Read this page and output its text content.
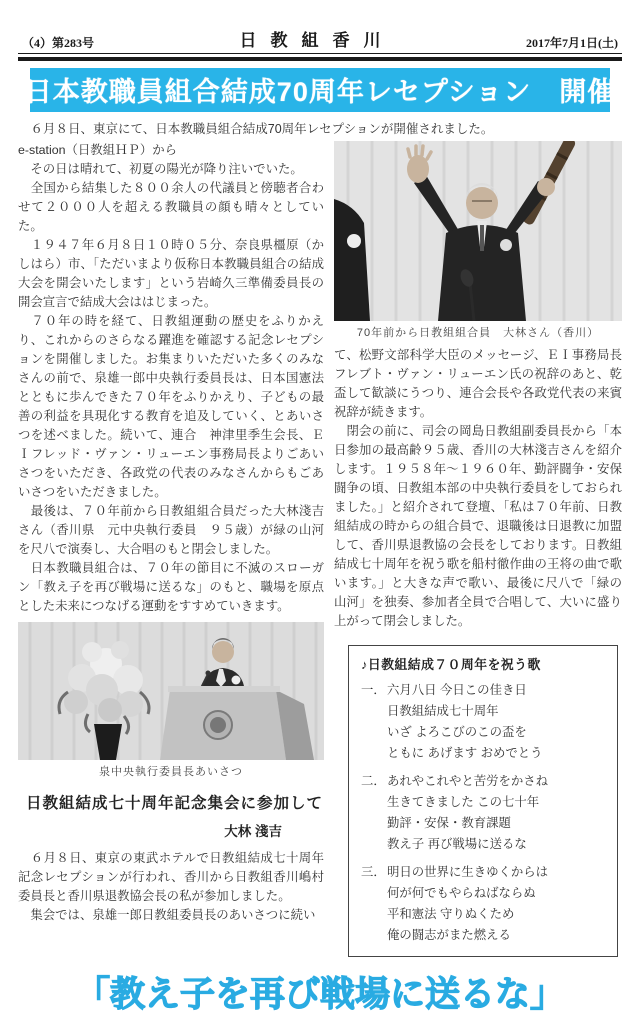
（4）第283号	日教組香川	2017年7月1日(土)
日本教職員組合結成70周年レセプション　開催
　６月８日、東京にて、日本教職員組合結成70周年レセプションが開催されました。
e-station（日教組ＨＰ）から

　その日は晴れて、初夏の陽光が降り注いでいた。

　全国から結集した８００余人の代議員と傍聴者合わせて２０００人を超える教職員の顔も晴々としていた。

　１９４７年６月８日１０時０５分、奈良県橿原（かしはら）市、「ただいまより仮称日本教職員組合の結成大会を開会いたします」という岩崎久三準備委員長の開会宣言で結成大会ははじまった。

　７０年の時を経て、日教組運動の歴史をふりかえり、これからのさらなる躍進を確認する記念レセプションを開催しました。お集まりいただいた多くのみなさんの前で、泉雄一郎中央執行委員長は、日本国憲法とともに歩んできた７０年をふりかえり、子どもの最善の利益を具現化する教育を追及していく、とあいさつを述べました。続いて、連合　神津里季生会長、ＥＩフレッド・ヴァン・リューエン事務局長よりごあいさつをいただき、各政党の代表のみなさんからもごあいさつをいただきました。

　最後は、７０年前から日教組組合員だった大林淺吉さん（香川県　元中央執行委員　９５歳）が緑の山河を尺八で演奏し、大合唱のもと閉会しました。

　日本教職員組合は、７０年の節目に不滅のスローガン「教え子を再び戦場に送るな」のもと、職場を原点とした未来につなげる運動をすすめていきます。

泉中央執行委員長あいさつ
日教組結成七十周年記念集会に参加して
大林 淺吉

　６月８日、東京の東武ホテルで日教組結成七十周年記念レセプションが行われ、香川から日教組香川嶋村委員長と香川県退教協会長の私が参加しました。

　集会では、泉雄一郎日教組委員長のあいさつに続い

70年前から日教組組合員　大林さん（香川）

て、松野文部科学大臣のメッセージ、ＥＩ事務局長フレブト・ヴァン・リューエン氏の祝辞のあと、乾盃して歓談にうつり、連合会長や各政党代表の来賓祝辞が続きます。

　閉会の前に、司会の岡島日教組副委員長から「本日参加の最高齢９５歳、香川の大林淺吉さんを紹介します。１９５８年～１９６０年、勤評闘争・安保闘争の頃、日教組本部の中央執行委員をしておられました。」と紹介されて登壇、「私は７０年前、日教組結成の時からの組合員で、退職後は日退教に加盟して、香川県退教協の会長をしております。日教組結成七十周年を祝う歌を船村徹作曲の王将の曲で歌います。」と大きな声で歌い、最後に尺八で「緑の山河」を独奏、参加者全員で合唱して、大いに盛り上がって閉会しました。

♪日教組結成７０周年を祝う歌
一． 六月八日 今日この佳き日
日教組結成七十周年
いざ よろこびのこの盃を
ともに あげます おめでとう
二． あれやこれやと苦労をかさね
生きてきました この七十年
勤評・安保・教育課題
教え子 再び戦場に送るな
三． 明日の世界に生きゆくからは
何が何でもやらねばならぬ
平和憲法 守りぬくため
俺の闘志がまた燃える
「教え子を再び戦場に送るな」
